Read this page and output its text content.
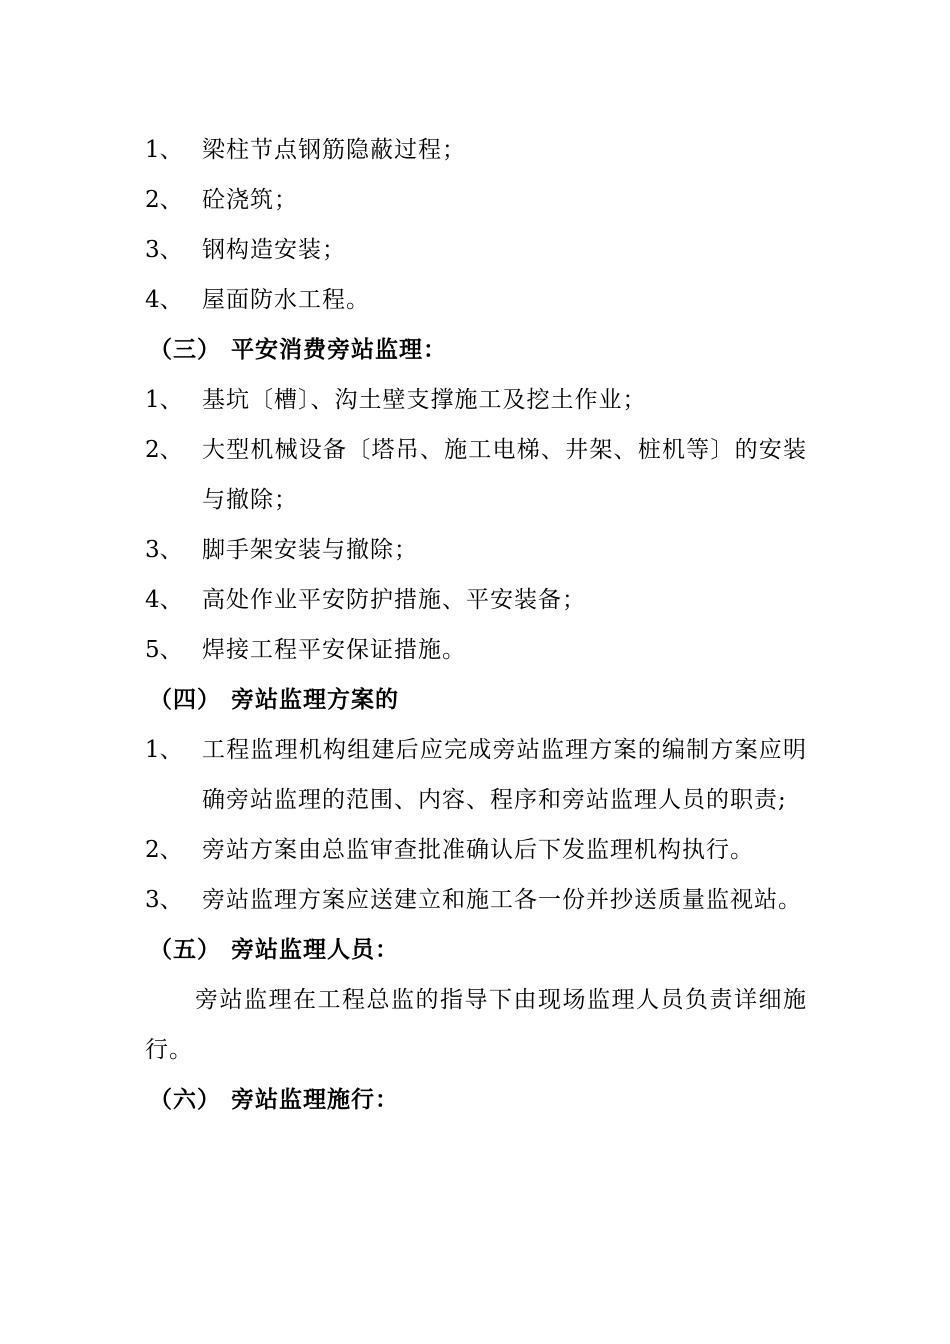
1、 梁柱节点钢筋隐蔽过程；
2、 砼浇筑；
3、 钢构造安装；
4、 屋面防水工程。
（三） 平安消费旁站监理：
1、 基坑〔槽〕、沟土壁支撑施工及挖土作业；
2、 大型机械设备〔塔吊、施工电梯、井架、桩机等〕的安装与撤除；
3、 脚手架安装与撤除；
4、 高处作业平安防护措施、平安装备；
5、 焊接工程平安保证措施。
（四） 旁站监理方案的
1、 工程监理机构组建后应完成旁站监理方案的编制方案应明确旁站监理的范围、内容、程序和旁站监理人员的职责;
2、 旁站方案由总监审查批准确认后下发监理机构执行。
3、 旁站监理方案应送建立和施工各一份并抄送质量监视站。
（五） 旁站监理人员：
旁站监理在工程总监的指导下由现场监理人员负责详细施行。
（六） 旁站监理施行：
